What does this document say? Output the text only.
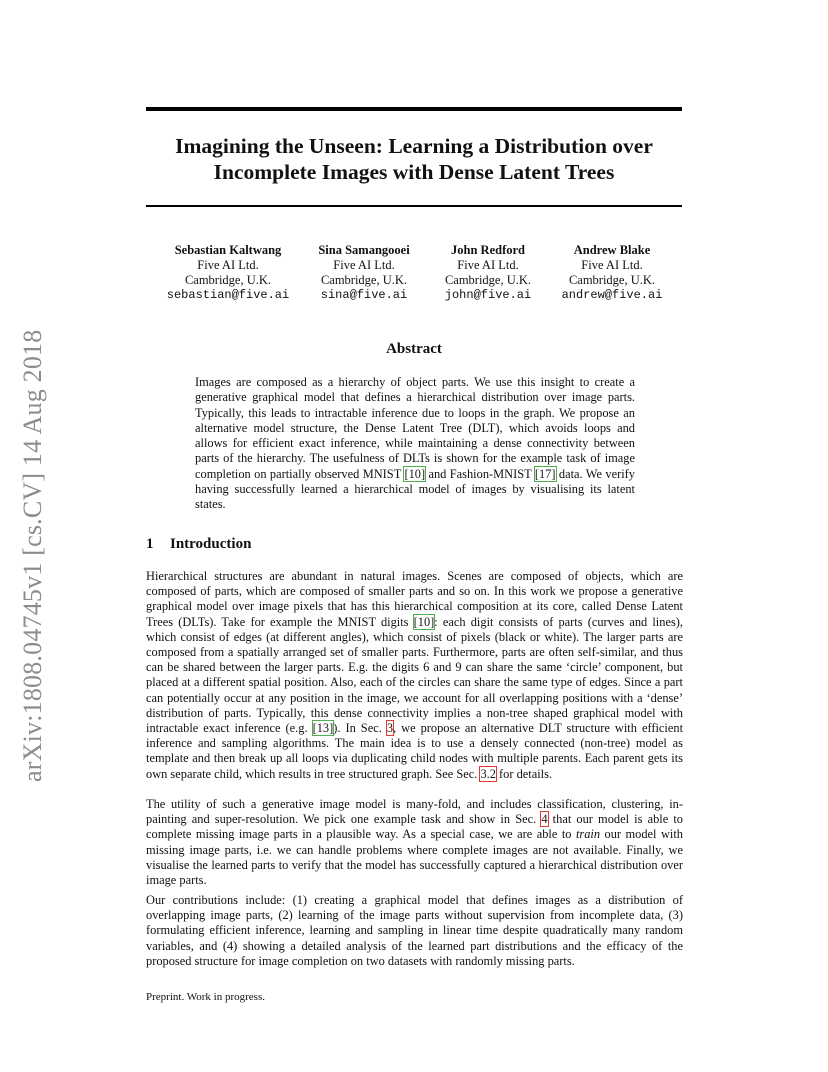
arXiv:1808.04745v1 [cs.CV] 14 Aug 2018
Imagining the Unseen: Learning a Distribution over
Incomplete Images with Dense Latent Trees
Sebastian Kaltwang
Five AI Ltd.
Cambridge, U.K.
sebastian@five.ai
Sina Samangooei
Five AI Ltd.
Cambridge, U.K.
sina@five.ai
John Redford
Five AI Ltd.
Cambridge, U.K.
john@five.ai
Andrew Blake
Five AI Ltd.
Cambridge, U.K.
andrew@five.ai
Abstract

Images are composed as a hierarchy of object parts. We use this insight to create a generative graphical model that defines a hierarchical distribution over image parts. Typically, this leads to intractable inference due to loops in the graph. We propose an alternative model structure, the Dense Latent Tree (DLT), which avoids loops and allows for efficient exact inference, while maintaining a dense connectivity between parts of the hierarchy. The usefulness of DLTs is shown for the example task of image completion on partially observed MNIST [10] and Fashion-MNIST [17] data. We verify having successfully learned a hierarchical model of images by visualising its latent states.

1 Introduction

Hierarchical structures are abundant in natural images. Scenes are composed of objects, which are composed of parts, which are composed of smaller parts and so on. In this work we propose a generative graphical model over image pixels that has this hierarchical composition at its core, called Dense Latent Trees (DLTs). Take for example the MNIST digits [10]: each digit consists of parts (curves and lines), which consist of edges (at different angles), which consist of pixels (black or white). The larger parts are composed from a spatially arranged set of smaller parts. Furthermore, parts are often self-similar, and thus can be shared between the larger parts. E.g. the digits 6 and 9 can share the same ‘circle’ component, but placed at a different spatial position. Also, each of the circles can share the same type of edges. Since a part can potentially occur at any position in the image, we account for all overlapping positions with a ‘dense’ distribution of parts. Typically, this dense connectivity implies a non-tree shaped graphical model with intractable exact inference (e.g. [13]). In Sec. 3, we propose an alternative DLT structure with efficient inference and sampling algorithms. The main idea is to use a densely connected (non-tree) model as template and then break up all loops via duplicating child nodes with multiple parents. Each parent gets its own separate child, which results in tree structured graph. See Sec. 3.2 for details.

The utility of such a generative image model is many-fold, and includes classification, clustering, in-painting and super-resolution. We pick one example task and show in Sec. 4 that our model is able to complete missing image parts in a plausible way. As a special case, we are able to train our model with missing image parts, i.e. we can handle problems where complete images are not available. Finally, we visualise the learned parts to verify that the model has successfully captured a hierarchical distribution over image parts.

Our contributions include: (1) creating a graphical model that defines images as a distribution of overlapping image parts, (2) learning of the image parts without supervision from incomplete data, (3) formulating efficient inference, learning and sampling in linear time despite quadratically many random variables, and (4) showing a detailed analysis of the learned part distributions and the efficacy of the proposed structure for image completion on two datasets with randomly missing parts.

Preprint. Work in progress.
